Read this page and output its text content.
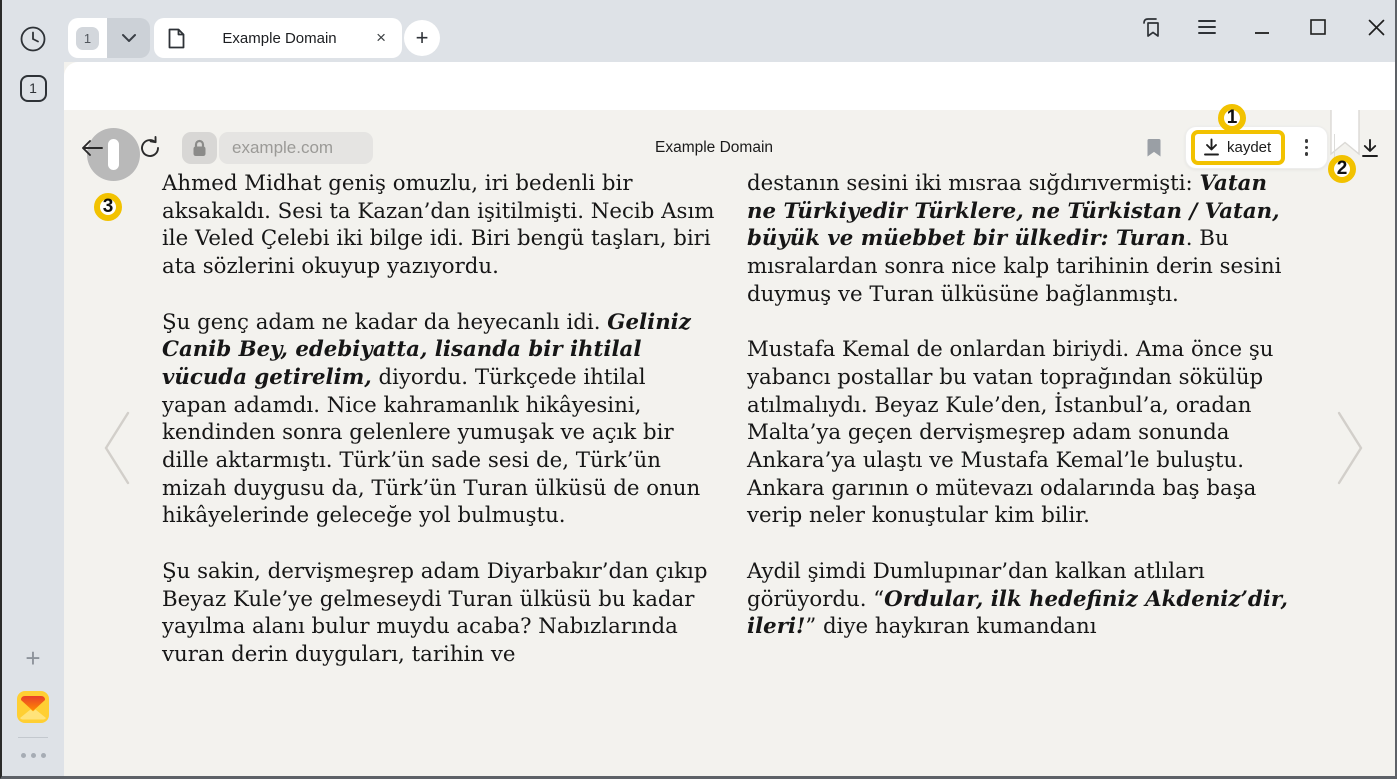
1
+
1	Example Domain	× +
example.com	Example Domain	kaydet

Ahmed Midhat geniş omuzlu, iri bedenli bir aksakaldı. Sesi ta Kazan’dan işitilmişti. Necib Asım ile Veled Çelebi iki bilge idi. Biri bengü taşları, biri ata sözlerini okuyup yazıyordu.

Şu genç adam ne kadar da heyecanlı idi. Geliniz Canib Bey, edebiyatta, lisanda bir ihtilal vücuda getirelim, diyordu. Türkçede ihtilal yapan adamdı. Nice kahramanlık hikâyesini, kendinden sonra gelenlere yumuşak ve açık bir dille aktarmıştı. Türk’ün sade sesi de, Türk’ün mizah duygusu da, Türk’ün Turan ülküsü de onun hikâyelerinde geleceğe yol bulmuştu.

Şu sakin, dervişmeşrep adam Diyarbakır’dan çıkıp Beyaz Kule’ye gelmeseydi Turan ülküsü bu kadar yayılma alanı bulur muydu acaba? Nabızlarında vuran derin duyguları, tarihin ve

destanın sesini iki mısraa sığdırıvermişti: Vatan ne Türkiyedir Türklere, ne Türkistan / Vatan, büyük ve müebbet bir ülkedir: Turan. Bu mısralardan sonra nice kalp tarihinin derin sesini duymuş ve Turan ülküsüne bağlanmıştı.

Mustafa Kemal de onlardan biriydi. Ama önce şu yabancı postallar bu vatan toprağından sökülüp atılmalıydı. Beyaz Kule’den, İstanbul’a, oradan Malta’ya geçen dervişmeşrep adam sonunda Ankara’ya ulaştı ve Mustafa Kemal’le buluştu. Ankara garının o mütevazı odalarında baş başa verip neler konuştular kim bilir.

Aydil şimdi Dumlupınar’dan kalkan atlıları görüyordu. “Ordular, ilk hedefiniz Akdeniz’dir, ileri!” diye haykıran kumandanı

1
2
3
